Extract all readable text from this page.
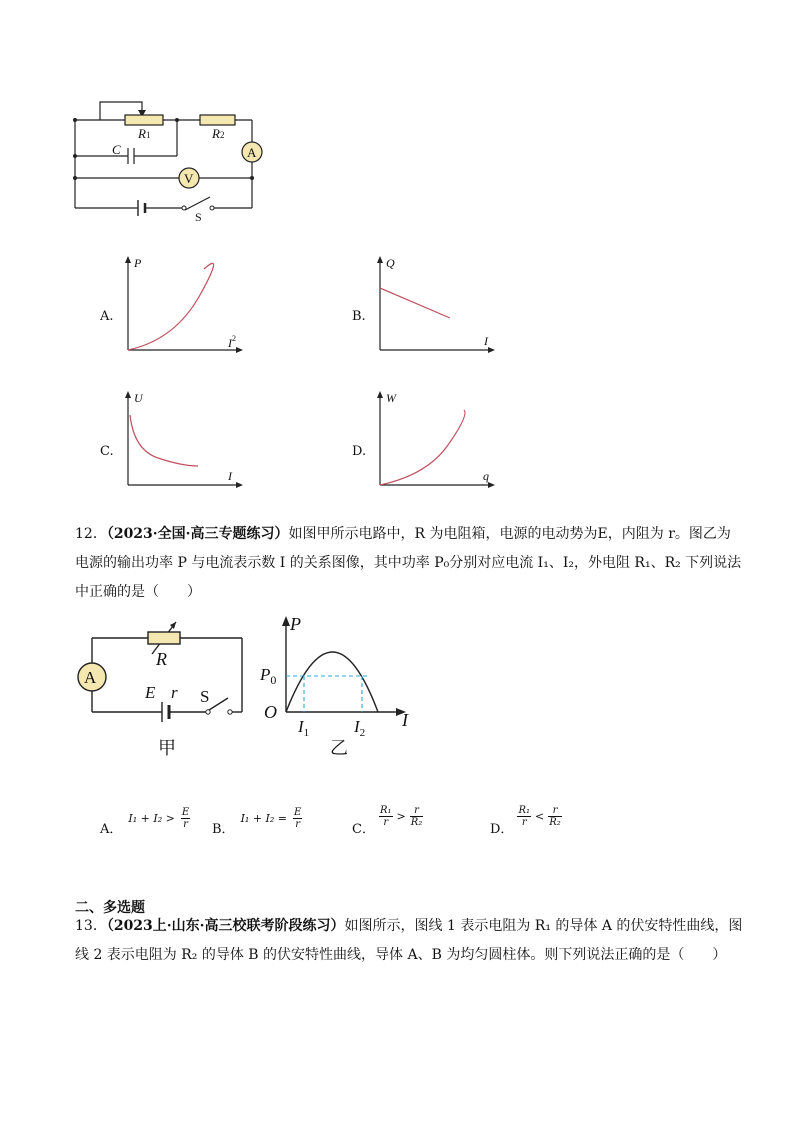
A
V
R1	R2
C
S
A.
P
$I^2$
B.
Q
I
C.
U
I
D.
W
q
12．（2023·全国·高三专题练习）如图甲所示电路中，R 为电阻箱，电源的电动势为E，内阻为 r。图乙为
电源的输出功率 P 与电流表示数 I 的关系图像，其中功率 P₀分别对应电流 I₁、I₂，外电阻 R₁、R₂ 下列说法
中正确的是（　　）
A
R
E r S
甲
P
I
O
$P_0$
$I_1$	$I_2$
乙
A．
$I_1 + I_2 > \frac{E}{r}$ B．
$I_1 + I_2 = \frac{E}{r}$	C．
$\frac{\text{R₁}}{r} > \frac{r}{\text{R₂}}$
D．
$\frac{\text{R₁}}{r} < \frac{r}{\text{R₂}}$
二、多选题
13．（2023上·山东·高三校联考阶段练习）如图所示，图线 1 表示电阻为 R₁ 的导体 A 的伏安特性曲线，图
线 2 表示电阻为 R₂ 的导体 B 的伏安特性曲线，导体 A、B 为均匀圆柱体。则下列说法正确的是（　　）
